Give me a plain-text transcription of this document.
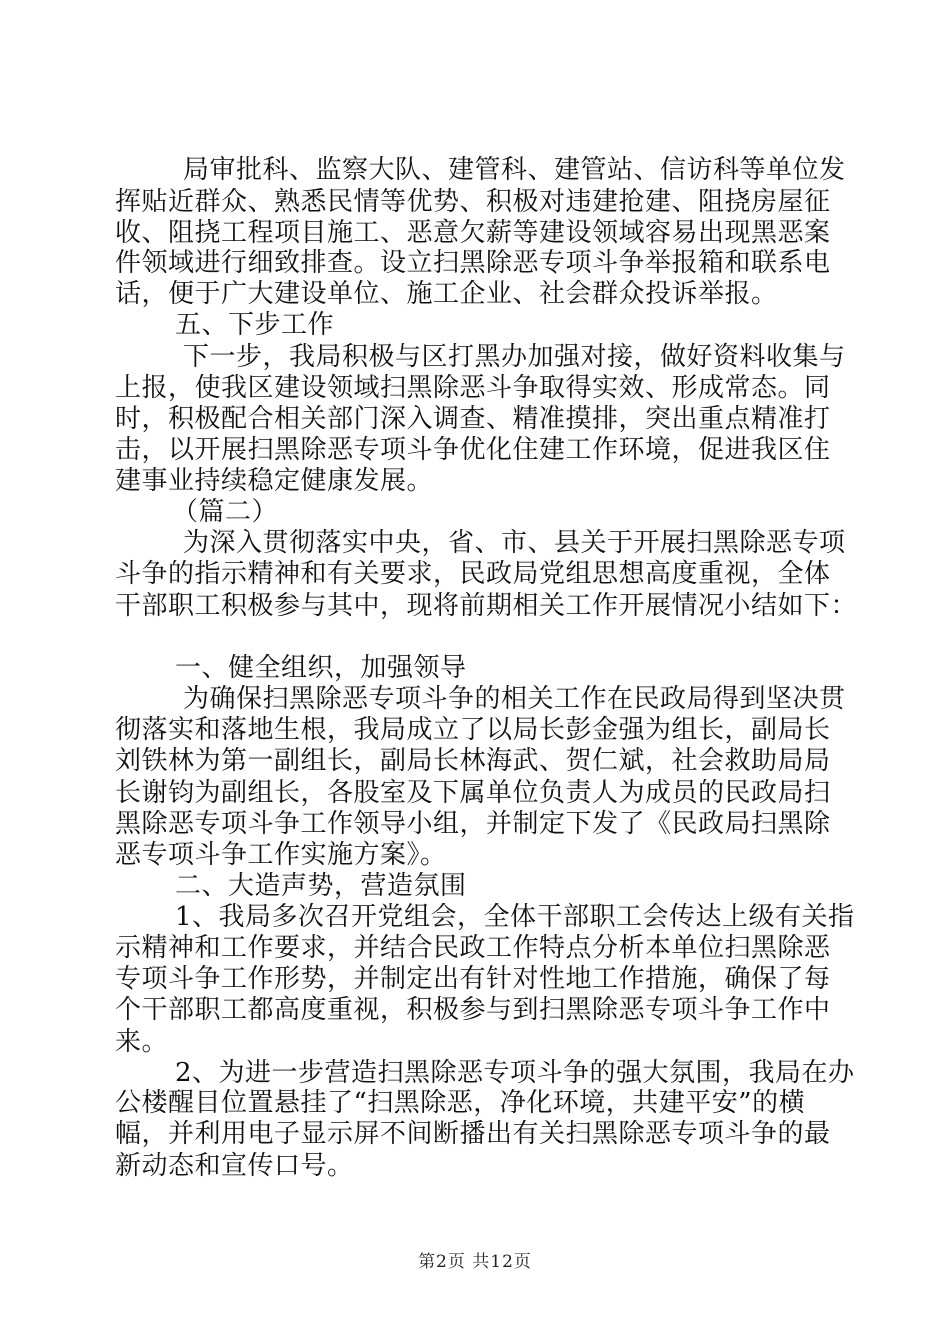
局审批科、监察大队、建管科、建管站、信访科等单位发
挥贴近群众、熟悉民情等优势、积极对违建抢建、阻挠房屋征
收、阻挠工程项目施工、恶意欠薪等建设领域容易出现黑恶案
件领域进行细致排查。设立扫黑除恶专项斗争举报箱和联系电
话，便于广大建设单位、施工企业、社会群众投诉举报。
五、下步工作
下一步，我局积极与区打黑办加强对接，做好资料收集与
上报，使我区建设领域扫黑除恶斗争取得实效、形成常态。同
时，积极配合相关部门深入调查、精准摸排，突出重点精准打
击，以开展扫黑除恶专项斗争优化住建工作环境，促进我区住
建事业持续稳定健康发展。
（篇二）
为深入贯彻落实中央，省、市、县关于开展扫黑除恶专项
斗争的指示精神和有关要求，民政局党组思想高度重视，全体
干部职工积极参与其中，现将前期相关工作开展情况小结如下：
一、健全组织，加强领导
为确保扫黑除恶专项斗争的相关工作在民政局得到坚决贯
彻落实和落地生根，我局成立了以局长彭金强为组长，副局长
刘铁林为第一副组长，副局长林海武、贺仁斌，社会救助局局
长谢钧为副组长，各股室及下属单位负责人为成员的民政局扫
黑除恶专项斗争工作领导小组，并制定下发了《民政局扫黑除
恶专项斗争工作实施方案》。
二、大造声势，营造氛围
1、我局多次召开党组会，全体干部职工会传达上级有关指
示精神和工作要求，并结合民政工作特点分析本单位扫黑除恶
专项斗争工作形势，并制定出有针对性地工作措施，确保了每
个干部职工都高度重视，积极参与到扫黑除恶专项斗争工作中
来。
2、为进一步营造扫黑除恶专项斗争的强大氛围，我局在办
公楼醒目位置悬挂了“扫黑除恶，净化环境，共建平安”的横
幅，并利用电子显示屏不间断播出有关扫黑除恶专项斗争的最
新动态和宣传口号。
第2页 共12页
